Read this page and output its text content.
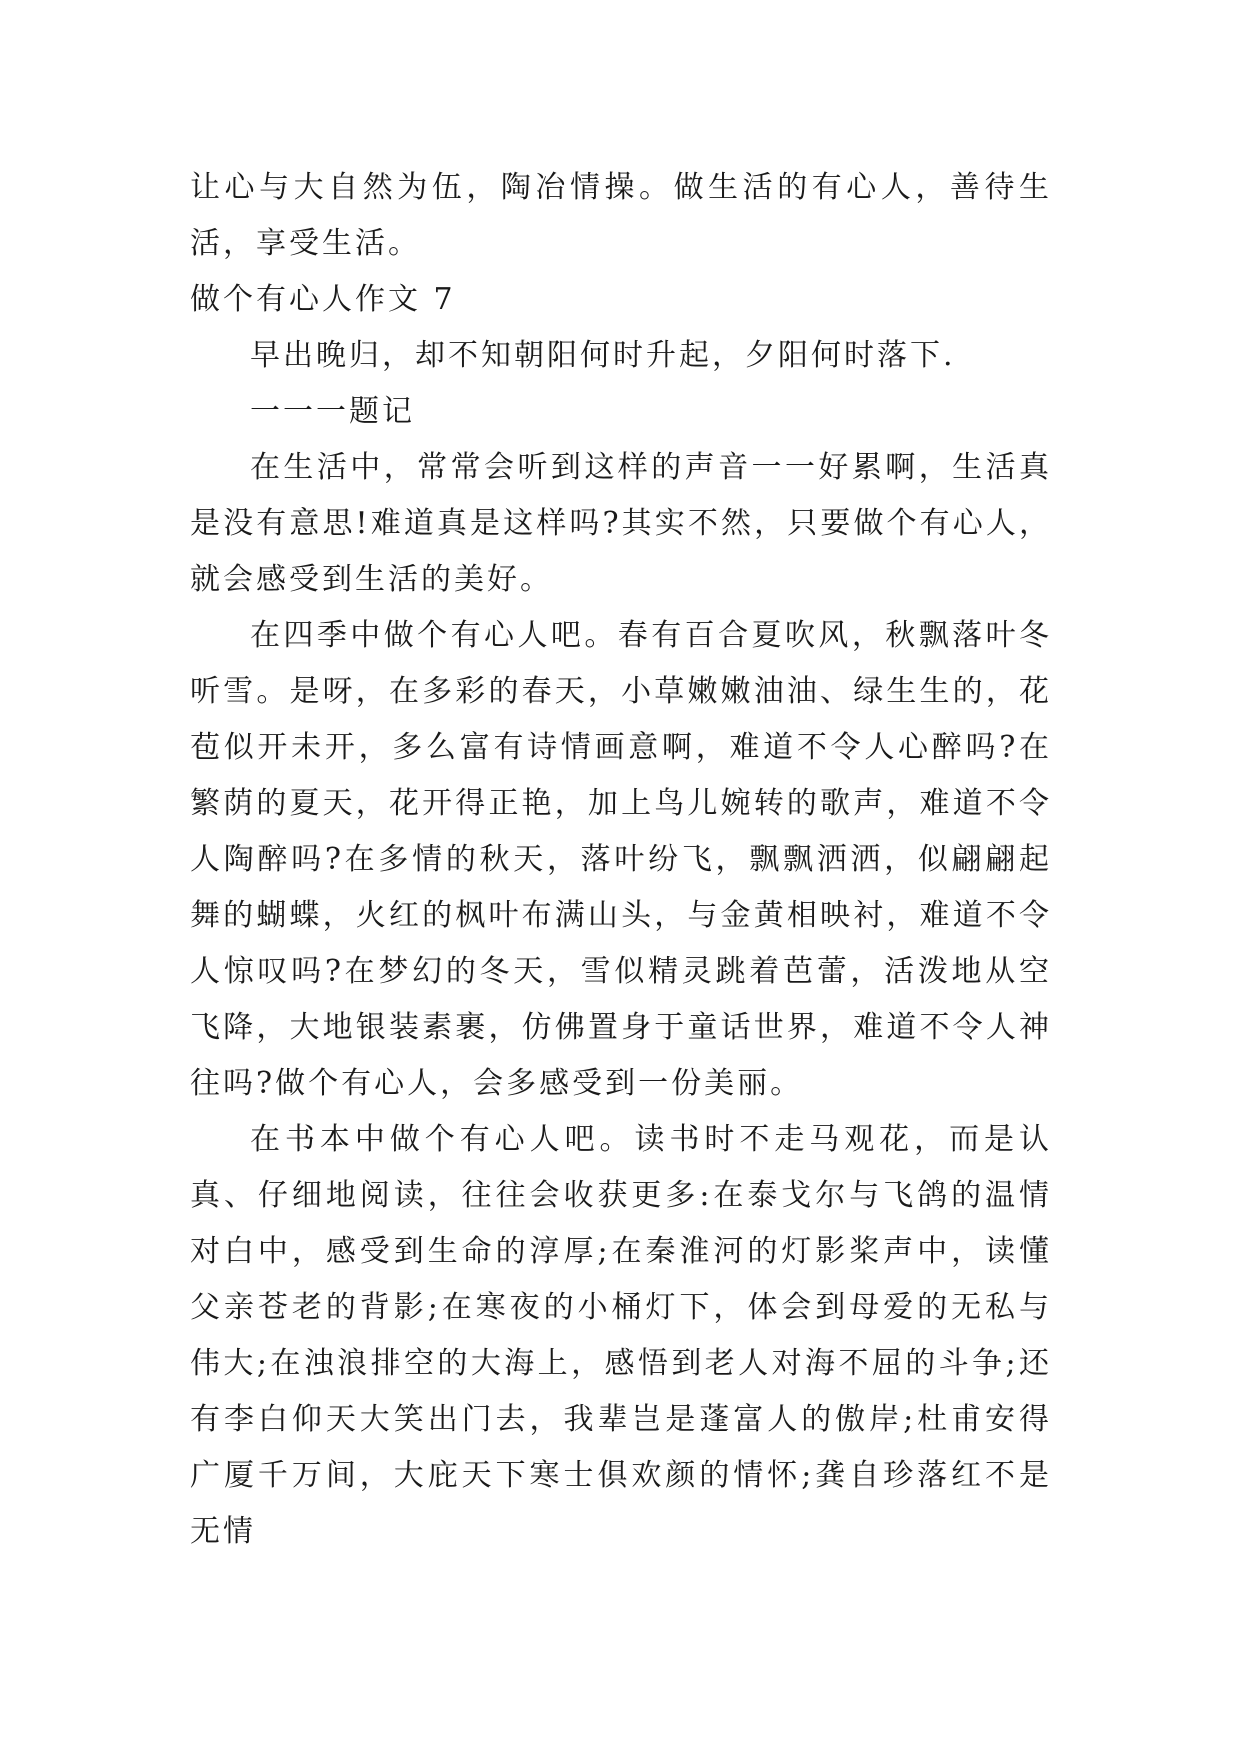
让心与大自然为伍，陶冶情操。做生活的有心人，善待生活，享受生活。

做个有心人作文 7

早出晚归，却不知朝阳何时升起，夕阳何时落下.

一一一题记

在生活中，常常会听到这样的声音一一好累啊，生活真是没有意思!难道真是这样吗?其实不然，只要做个有心人，就会感受到生活的美好。

在四季中做个有心人吧。春有百合夏吹风，秋飘落叶冬听雪。是呀，在多彩的春天，小草嫩嫩油油、绿生生的，花苞似开未开，多么富有诗情画意啊，难道不令人心醉吗?在繁荫的夏天，花开得正艳，加上鸟儿婉转的歌声，难道不令人陶醉吗?在多情的秋天，落叶纷飞，飘飘洒洒，似翩翩起舞的蝴蝶，火红的枫叶布满山头，与金黄相映衬，难道不令人惊叹吗?在梦幻的冬天，雪似精灵跳着芭蕾，活泼地从空飞降，大地银装素裹，仿佛置身于童话世界，难道不令人神往吗?做个有心人，会多感受到一份美丽。

在书本中做个有心人吧。读书时不走马观花，而是认真、仔细地阅读，往往会收获更多:在泰戈尔与飞鸽的温情对白中，感受到生命的淳厚;在秦淮河的灯影桨声中，读懂父亲苍老的背影;在寒夜的小桶灯下，体会到母爱的无私与伟大;在浊浪排空的大海上，感悟到老人对海不屈的斗争;还有李白仰天大笑出门去，我辈岂是蓬富人的傲岸;杜甫安得广厦千万间，大庇天下寒士俱欢颜的情怀;龚自珍落红不是无情
